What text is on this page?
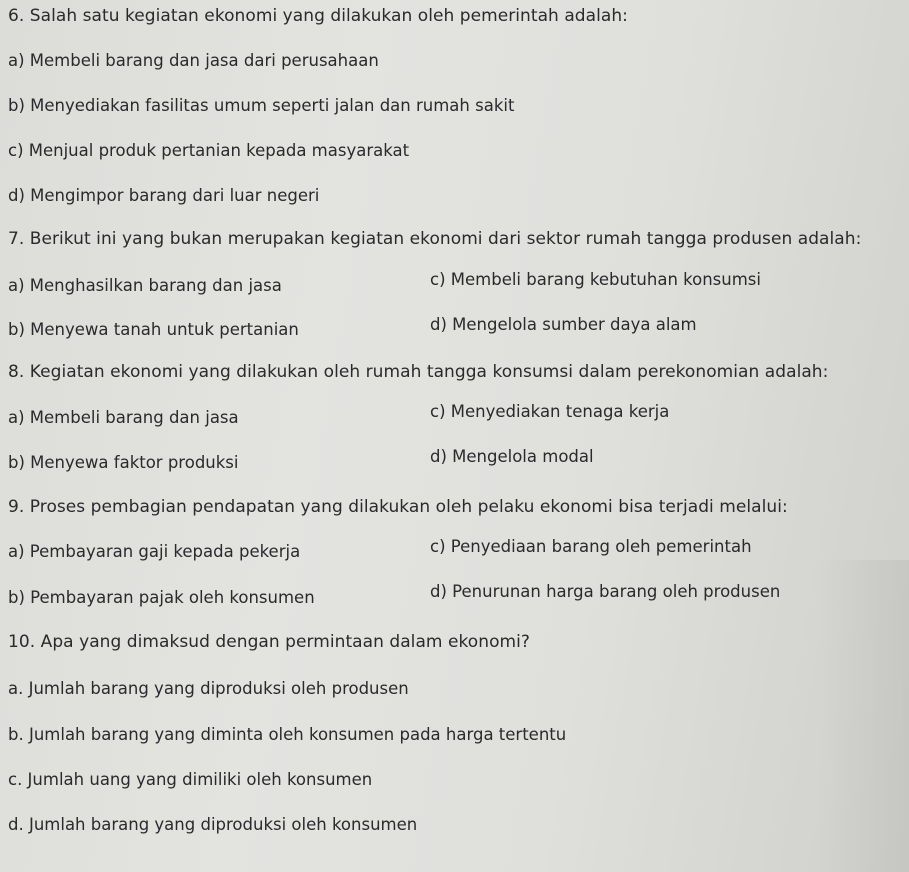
6. Salah satu kegiatan ekonomi yang dilakukan oleh pemerintah adalah:

a) Membeli barang dan jasa dari perusahaan

b) Menyediakan fasilitas umum seperti jalan dan rumah sakit

c) Menjual produk pertanian kepada masyarakat

d) Mengimpor barang dari luar negeri

7. Berikut ini yang bukan merupakan kegiatan ekonomi dari sektor rumah tangga produsen adalah:

a) Menghasilkan barang dan jasa	c) Membeli barang kebutuhan konsumsi

b) Menyewa tanah untuk pertanian	d) Mengelola sumber daya alam

8. Kegiatan ekonomi yang dilakukan oleh rumah tangga konsumsi dalam perekonomian adalah:

a) Membeli barang dan jasa	c) Menyediakan tenaga kerja

b) Menyewa faktor produksi	d) Mengelola modal

9. Proses pembagian pendapatan yang dilakukan oleh pelaku ekonomi bisa terjadi melalui:

a) Pembayaran gaji kepada pekerja	c) Penyediaan barang oleh pemerintah

b) Pembayaran pajak oleh konsumen	d) Penurunan harga barang oleh produsen

10. Apa yang dimaksud dengan permintaan dalam ekonomi?

a. Jumlah barang yang diproduksi oleh produsen

b. Jumlah barang yang diminta oleh konsumen pada harga tertentu

c. Jumlah uang yang dimiliki oleh konsumen

d. Jumlah barang yang diproduksi oleh konsumen
